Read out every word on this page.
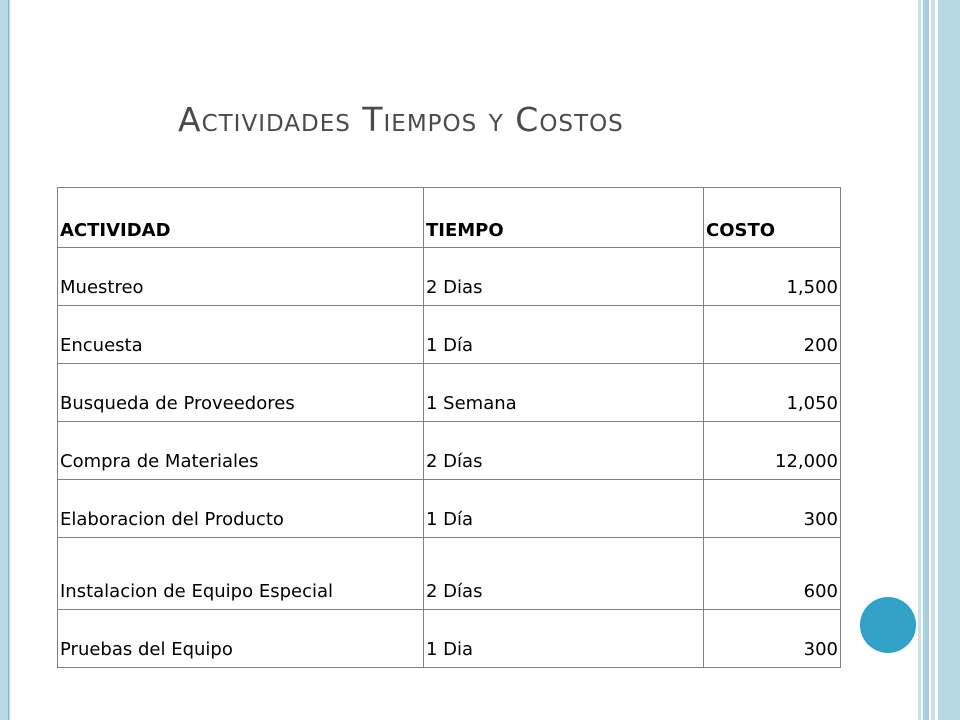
Actividades Tiempos y Costos
ACTIVIDAD	TIEMPO	COSTO
Muestreo	2 Dias	1,500
Encuesta	1 Día	200
Busqueda de Proveedores	1 Semana	1,050
Compra de Materiales	2 Días	12,000
Elaboracion del Producto	1 Día	300
Instalacion de Equipo Especial	2 Días	600
Pruebas del Equipo	1 Dia	300
